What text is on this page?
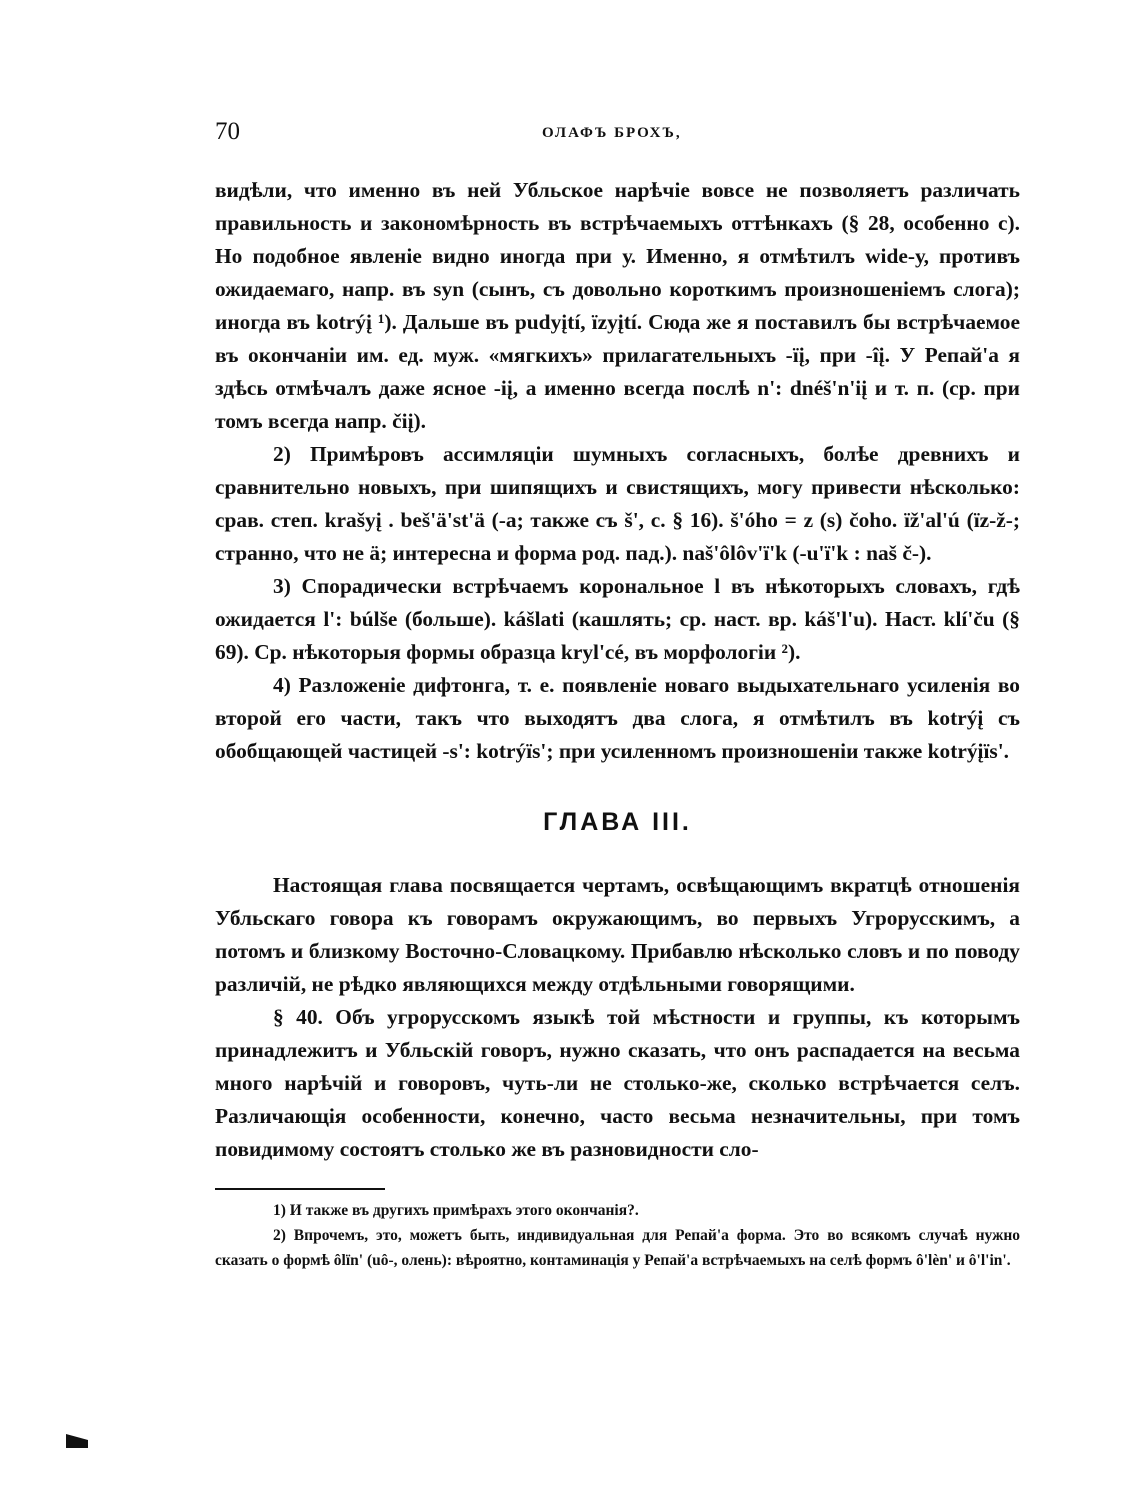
70	ОЛАФЪ БРОХЪ,

видѣли, что именно въ ней Убльское нарѣчіе вовсе не позволяетъ различать правильность и закономѣрность въ встрѣчаемыхъ оттѣнкахъ (§ 28, особенно с). Но подобное явленіе видно иногда при у. Именно, я отмѣтилъ wide-у, противъ ожидаемаго, напр. въ syn (сынъ, съ довольно короткимъ произношеніемъ слога); иногда въ kotrýį ¹). Дальше въ pudyįtí, ïzyįtí. Сюда же я поставилъ бы встрѣчаемое въ окончаніи им. ед. муж. «мягкихъ» прилагательныхъ -ïį, при -îį. У Репай'а я здѣсь отмѣчалъ даже ясное -iį, а именно всегда послѣ n': dnéš'n'iį и т. п. (ср. при томъ всегда напр. čiį).

2) Примѣровъ ассимляціи шумныхъ согласныхъ, болѣе древнихъ и сравнительно новыхъ, при шипящихъ и свистящихъ, могу привести нѣсколько: срав. степ. krašyį . beš'ä'st'ä (-а; также съ š', c. § 16). š'óho = z (s) čoho. ïž'al'ú (ïz-ž-; странно, что не ä; интересна и форма род. пад.). naš'ôlôv'ï'k (-u'ï'k : naš č-).

3) Спорадически встрѣчаемъ корональное l въ нѣкоторыхъ словахъ, гдѣ ожидается l': búlše (больше). kášlati (кашлять; ср. наст. вр. káš'l'u). Наст. klí'ču (§ 69). Ср. нѣкоторыя формы образца kryl'cé, въ морфологіи ²).

4) Разложеніе дифтонга, т. е. появленіе новаго выдыхательнаго усиленія во второй его части, такъ что выходятъ два слога, я отмѣтилъ въ kotrýį съ обобщающей частицей -s': kotrýïs'; при усиленномъ произношеніи также kotrýįïs'.

ГЛАВА III.

Настоящая глава посвящается чертамъ, освѣщающимъ вкратцѣ отношенія Убльскаго говора къ говорамъ окружающимъ, во первыхъ Угрорусскимъ, а потомъ и близкому Восточно-Словацкому. Прибавлю нѣсколько словъ и по поводу различій, не рѣдко являющихся между отдѣльными говорящими.

§ 40. Объ угрорусскомъ языкѣ той мѣстности и группы, къ которымъ принадлежитъ и Убльскій говоръ, нужно сказать, что онъ распадается на весьма много нарѣчій и говоровъ, чуть-ли не столько-же, сколько встрѣчается селъ. Различающія особенности, конечно, часто весьма незначительны, при томъ повидимому состоятъ столько же въ разновидности сло-

1) И также въ другихъ примѣрахъ этого окончанія?.

2) Впрочемъ, это, можетъ быть, индивидуальная для Репай'а форма. Это во всякомъ случаѣ нужно сказать о формѣ ôlïn' (uô-, олень): вѣроятно, контаминація у Репай'а встрѣчаемыхъ на селѣ формъ ô'lèn' и ô'l'in'.
